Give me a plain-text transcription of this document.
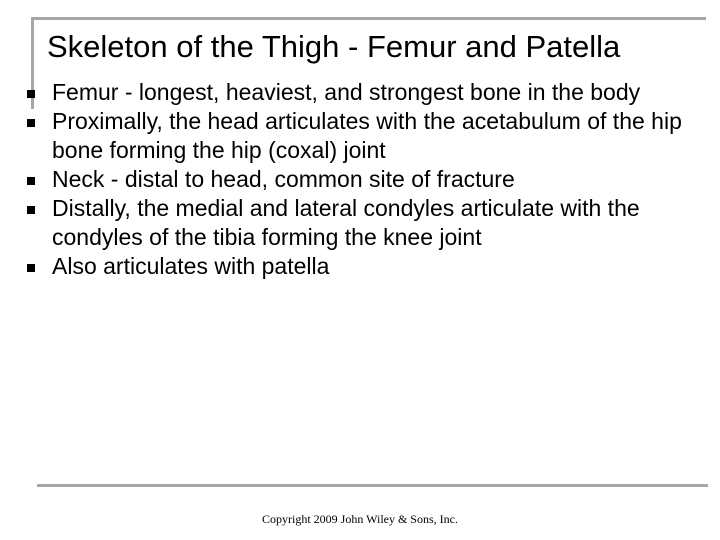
Skeleton of the Thigh - Femur and Patella
Femur - longest, heaviest, and strongest bone in the body
Proximally, the head articulates with the acetabulum of the hip bone forming the hip (coxal) joint
Neck - distal to head, common site of fracture
Distally, the medial and lateral condyles articulate with the condyles of the tibia forming the knee joint
Also articulates with patella
Copyright 2009 John Wiley & Sons, Inc.
